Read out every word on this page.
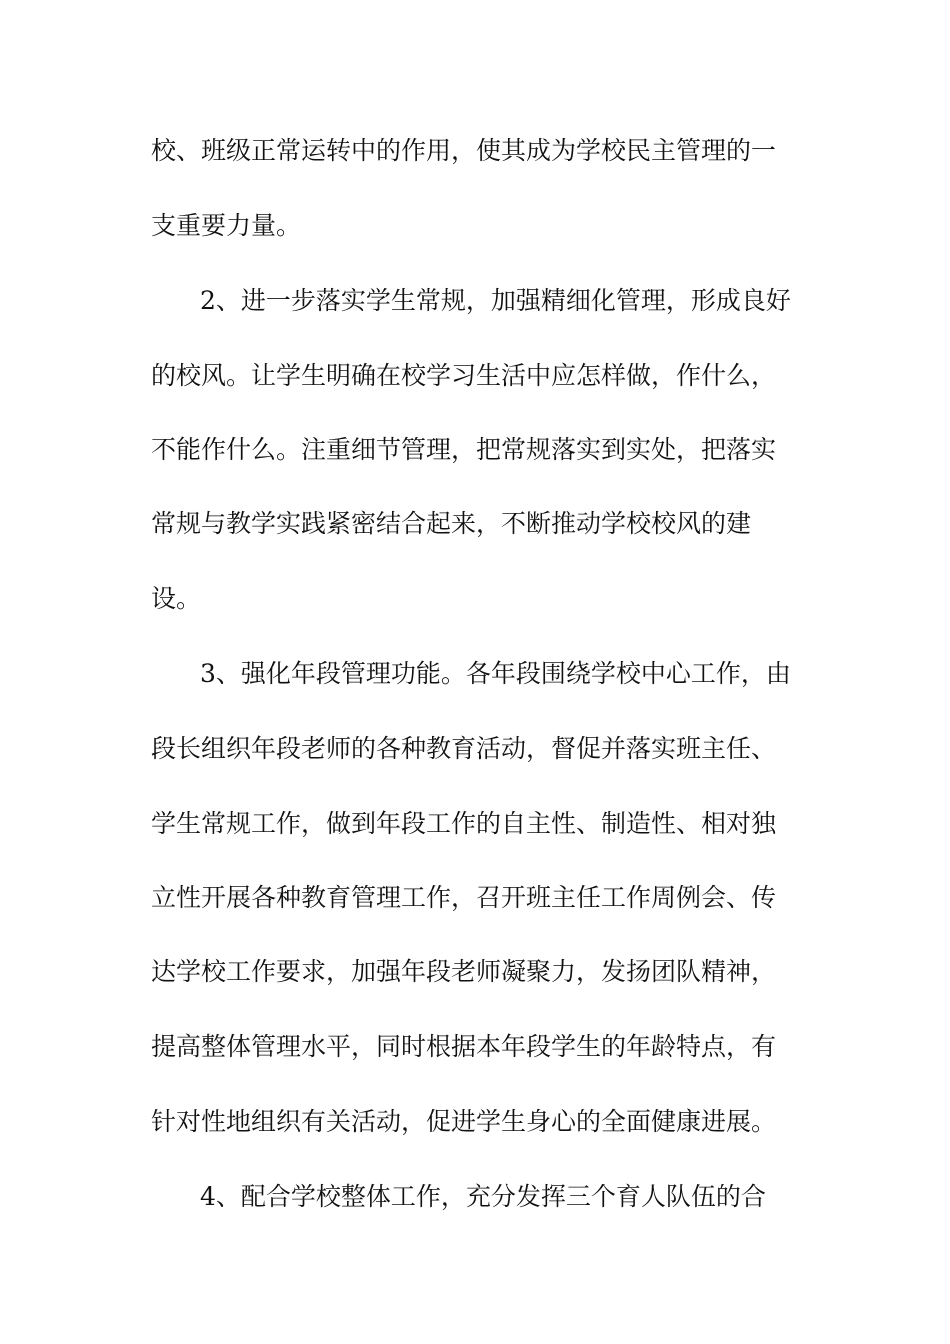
校、班级正常运转中的作用，使其成为学校民主管理的一
支重要力量。
2、进一步落实学生常规，加强精细化管理，形成良好
的校风。让学生明确在校学习生活中应怎样做，作什么，
不能作什么。注重细节管理，把常规落实到实处，把落实
常规与教学实践紧密结合起来，不断推动学校校风的建
设。
3、强化年段管理功能。各年段围绕学校中心工作，由
段长组织年段老师的各种教育活动，督促并落实班主任、
学生常规工作，做到年段工作的自主性、制造性、相对独
立性开展各种教育管理工作，召开班主任工作周例会、传
达学校工作要求，加强年段老师凝聚力，发扬团队精神，
提高整体管理水平，同时根据本年段学生的年龄特点，有
针对性地组织有关活动，促进学生身心的全面健康进展。
4、配合学校整体工作，充分发挥三个育人队伍的合
